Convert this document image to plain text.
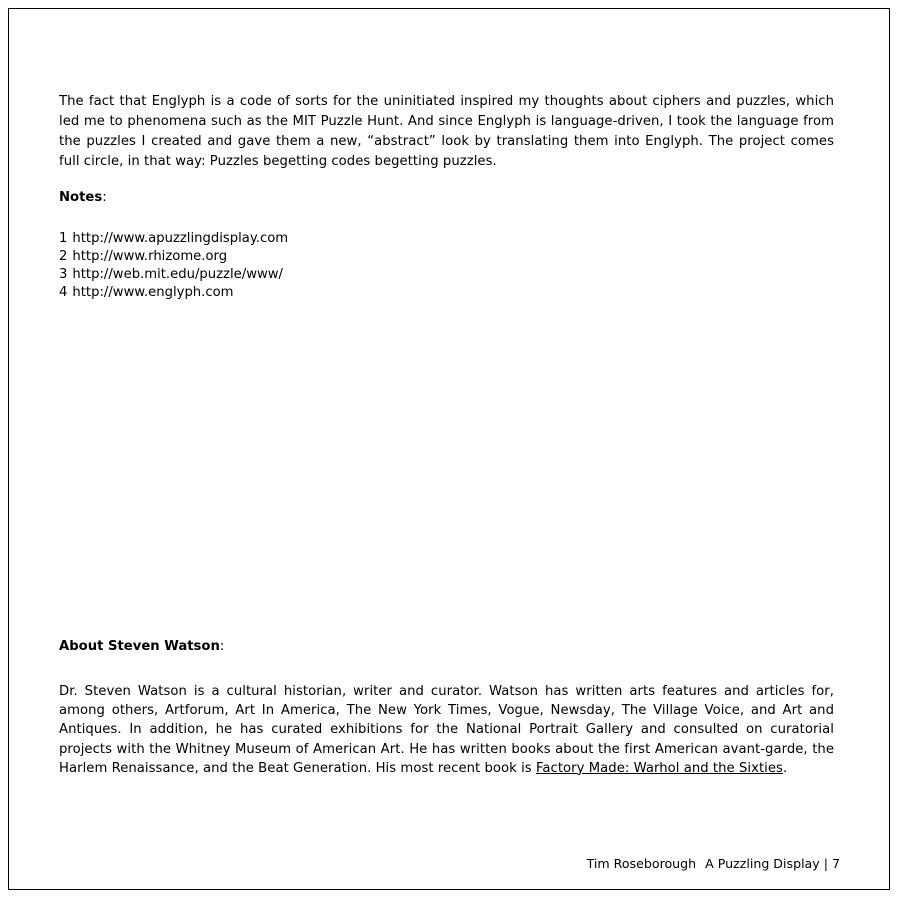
The fact that Englyph is a code of sorts for the uninitiated inspired my thoughts about ciphers and puzzles, which led me to phenomena such as the MIT Puzzle Hunt. And since Englyph is language-driven, I took the language from the puzzles I created and gave them a new, “abstract” look by translating them into Englyph. The project comes full circle, in that way: Puzzles begetting codes begetting puzzles.

Notes:
1 http://www.apuzzlingdisplay.com
2 http://www.rhizome.org
3 http://web.mit.edu/puzzle/www/
4 http://www.englyph.com
About Steven Watson:

Dr. Steven Watson is a cultural historian, writer and curator. Watson has written arts features and articles for, among others, Artforum, Art In America, The New York Times, Vogue, Newsday, The Village Voice, and Art and Antiques. In addition, he has curated exhibitions for the National Portrait Gallery and consulted on curatorial projects with the Whitney Museum of American Art. He has written books about the first American avant-garde, the Harlem Renaissance, and the Beat Generation. His most recent book is Factory Made: Warhol and the Sixties.

Tim Roseborough A Puzzling Display | 7
